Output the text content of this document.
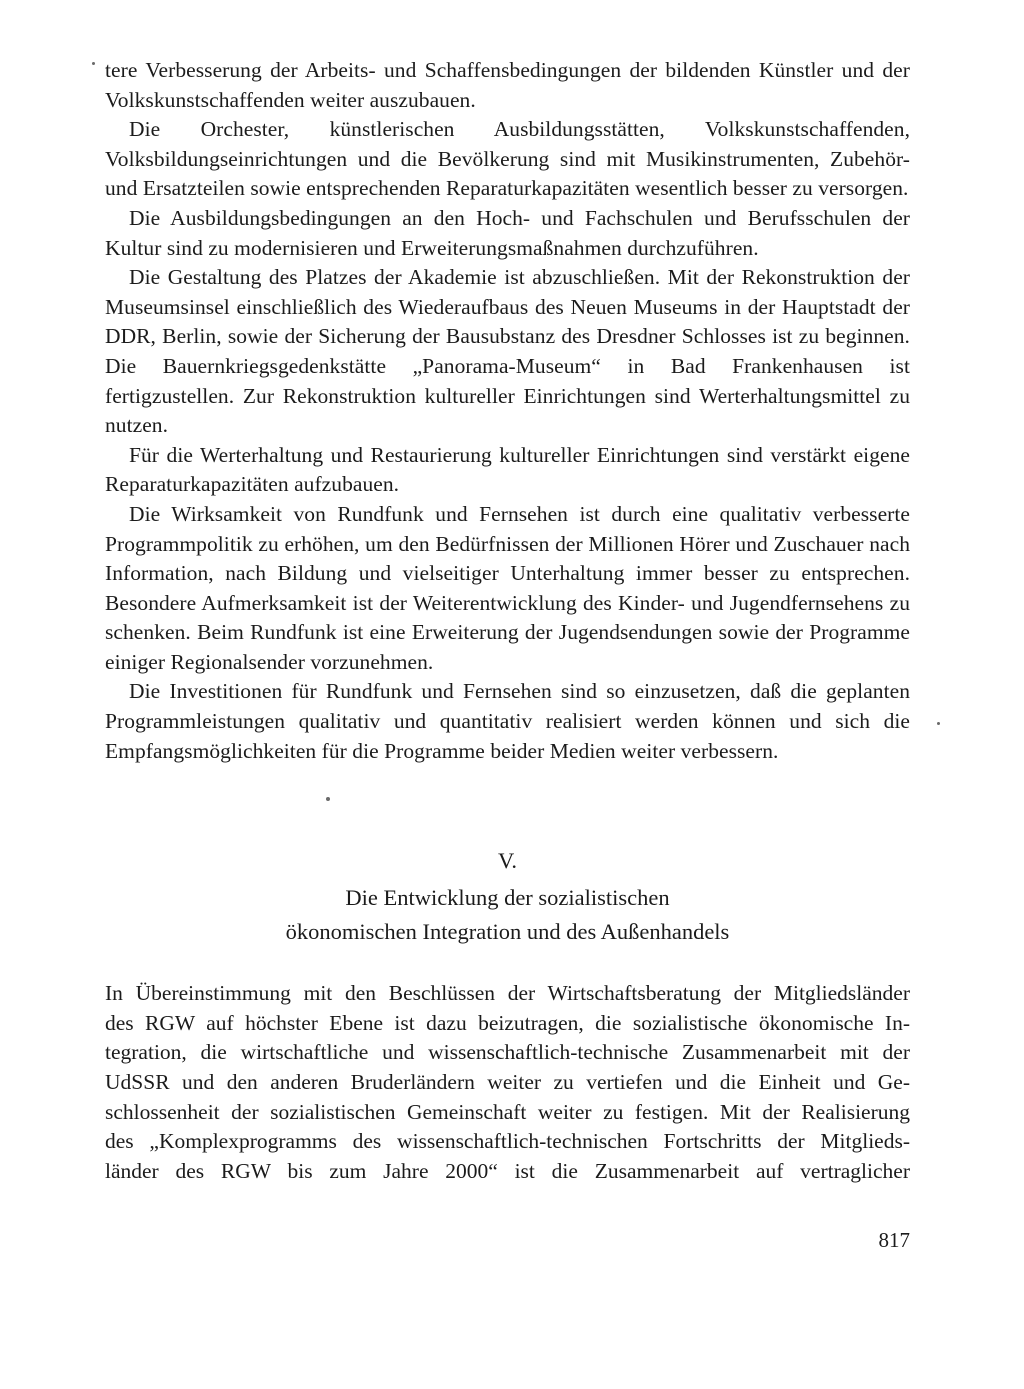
tere Verbesserung der Arbeits- und Schaffensbedingungen der bildenden Künstler und der Volkskunstschaffenden weiter auszubauen.

Die Orchester, künstlerischen Ausbildungsstätten, Volkskunstschaffenden, Volksbildungseinrichtungen und die Bevölkerung sind mit Musikinstrumenten, Zubehör- und Ersatzteilen sowie entsprechenden Reparaturkapazitäten wesentlich besser zu versorgen.

Die Ausbildungsbedingungen an den Hoch- und Fachschulen und Berufsschulen der Kultur sind zu modernisieren und Erweiterungsmaßnahmen durchzuführen.

Die Gestaltung des Platzes der Akademie ist abzuschließen. Mit der Rekonstruktion der Museumsinsel einschließlich des Wiederaufbaus des Neuen Museums in der Hauptstadt der DDR, Berlin, sowie der Sicherung der Bausubstanz des Dresdner Schlosses ist zu beginnen. Die Bauernkriegsgedenkstätte „Panorama-Museum“ in Bad Frankenhausen ist fertigzustellen. Zur Rekonstruktion kultureller Einrichtungen sind Werterhaltungsmittel zu nutzen.

Für die Werterhaltung und Restaurierung kultureller Einrichtungen sind verstärkt eigene Reparaturkapazitäten aufzubauen.

Die Wirksamkeit von Rundfunk und Fernsehen ist durch eine qualitativ verbesserte Programmpolitik zu erhöhen, um den Bedürfnissen der Millionen Hörer und Zuschauer nach Information, nach Bildung und vielseitiger Unterhaltung immer besser zu entsprechen. Besondere Aufmerksamkeit ist der Weiterentwicklung des Kinder- und Jugendfernsehens zu schenken. Beim Rundfunk ist eine Erweiterung der Jugendsendungen sowie der Programme einiger Regionalsender vorzunehmen.

Die Investitionen für Rundfunk und Fernsehen sind so einzusetzen, daß die geplanten Programmleistungen qualitativ und quantitativ realisiert werden können und sich die Empfangsmöglichkeiten für die Programme beider Medien weiter verbessern.

V.
Die Entwicklung der sozialistischen
ökonomischen Integration und des Außenhandels

In Übereinstimmung mit den Beschlüssen der Wirtschaftsberatung der Mitgliedsländer

des RGW auf höchster Ebene ist dazu beizutragen, die sozialistische ökonomische In-

tegration, die wirtschaftliche und wissenschaftlich-technische Zusammenarbeit mit der

UdSSR und den anderen Bruderländern weiter zu vertiefen und die Einheit und Ge-

schlossenheit der sozialistischen Gemeinschaft weiter zu festigen. Mit der Realisierung

des „Komplexprogramms des wissenschaftlich-technischen Fortschritts der Mitglieds-

länder des RGW bis zum Jahre 2000“ ist die Zusammenarbeit auf vertraglicher

817
